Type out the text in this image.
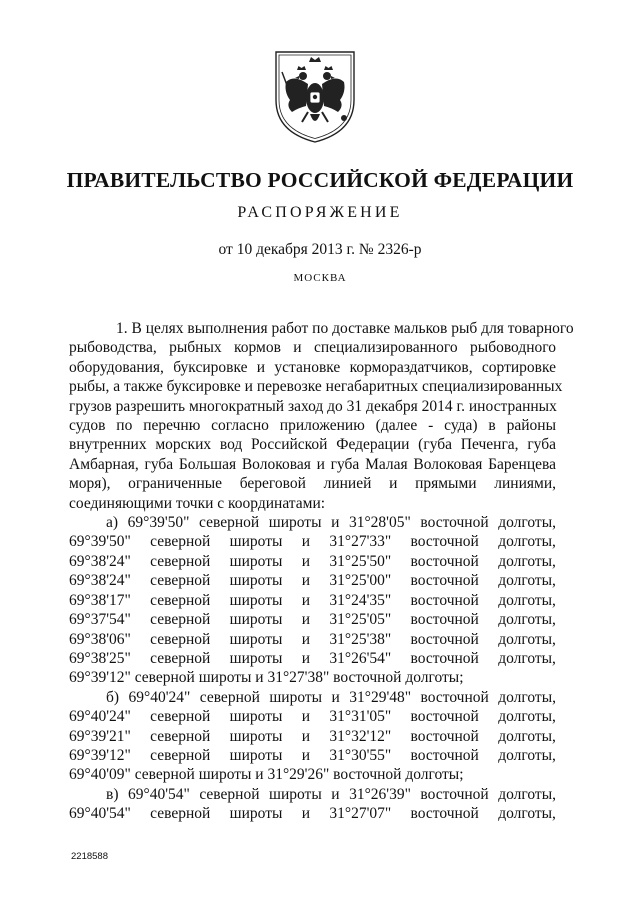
ПРАВИТЕЛЬСТВО РОССИЙСКОЙ ФЕДЕРАЦИИ
РАСПОРЯЖЕНИЕ
от 10 декабря 2013 г. № 2326-р
МОСКВА
1. В целях выполнения работ по доставке мальков рыб для товарного
рыбоводства, рыбных кормов и специализированного рыбоводного
оборудования, буксировке и установке кормораздатчиков, сортировке
рыбы, а также буксировке и перевозке негабаритных специализированных
грузов разрешить многократный заход до 31 декабря 2014 г. иностранных
судов по перечню согласно приложению (далее - суда) в районы
внутренних морских вод Российской Федерации (губа Печенга, губа
Амбарная, губа Большая Волоковая и губа Малая Волоковая Баренцева
моря), ограниченные береговой линией и прямыми линиями,
соединяющими точки с координатами:
а) 69°39'50" северной широты и 31°28'05" восточной долготы,
69°39'50" северной широты и 31°27'33" восточной долготы,
69°38'24" северной широты и 31°25'50" восточной долготы,
69°38'24" северной широты и 31°25'00" восточной долготы,
69°38'17" северной широты и 31°24'35" восточной долготы,
69°37'54" северной широты и 31°25'05" восточной долготы,
69°38'06" северной широты и 31°25'38" восточной долготы,
69°38'25" северной широты и 31°26'54" восточной долготы,
69°39'12" северной широты и 31°27'38" восточной долготы;
б) 69°40'24" северной широты и 31°29'48" восточной долготы,
69°40'24" северной широты и 31°31'05" восточной долготы,
69°39'21" северной широты и 31°32'12" восточной долготы,
69°39'12" северной широты и 31°30'55" восточной долготы,
69°40'09" северной широты и 31°29'26" восточной долготы;
в) 69°40'54" северной широты и 31°26'39" восточной долготы,
69°40'54" северной широты и 31°27'07" восточной долготы,
2218588
